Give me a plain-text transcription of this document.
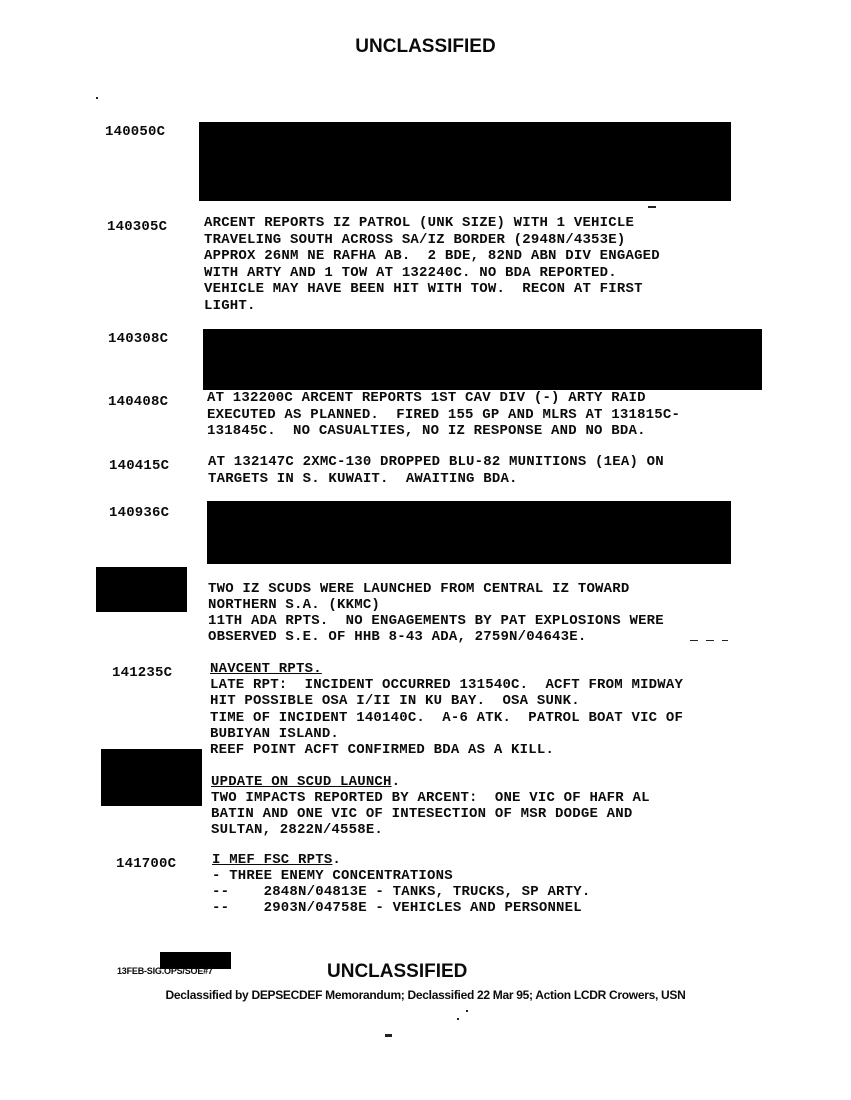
UNCLASSIFIED
140050C
140305C	ARCENT REPORTS IZ PATROL (UNK SIZE) WITH 1 VEHICLE
TRAVELING SOUTH ACROSS SA/IZ BORDER (2948N/4353E)
APPROX 26NM NE RAFHA AB.  2 BDE, 82ND ABN DIV ENGAGED
WITH ARTY AND 1 TOW AT 132240C. NO BDA REPORTED.
VEHICLE MAY HAVE BEEN HIT WITH TOW.  RECON AT FIRST
LIGHT.
140308C
140408C	AT 132200C ARCENT REPORTS 1ST CAV DIV (-) ARTY RAID
EXECUTED AS PLANNED.  FIRED 155 GP AND MLRS AT 131815C-
131845C.  NO CASUALTIES, NO IZ RESPONSE AND NO BDA.
140415C	AT 132147C 2XMC-130 DROPPED BLU-82 MUNITIONS (1EA) ON
TARGETS IN S. KUWAIT.  AWAITING BDA.
140936C
TWO IZ SCUDS WERE LAUNCHED FROM CENTRAL IZ TOWARD
NORTHERN S.A. (KKMC)
11TH ADA RPTS.  NO ENGAGEMENTS BY PAT EXPLOSIONS WERE
OBSERVED S.E. OF HHB 8-43 ADA, 2759N/04643E.
141235C	NAVCENT RPTS.
LATE RPT:  INCIDENT OCCURRED 131540C.  ACFT FROM MIDWAY
HIT POSSIBLE OSA I/II IN KU BAY.  OSA SUNK.
TIME OF INCIDENT 140140C.  A-6 ATK.  PATROL BOAT VIC OF
BUBIYAN ISLAND.
REEF POINT ACFT CONFIRMED BDA AS A KILL.
UPDATE ON SCUD LAUNCH.
TWO IMPACTS REPORTED BY ARCENT:  ONE VIC OF HAFR AL
BATIN AND ONE VIC OF INTESECTION OF MSR DODGE AND
SULTAN, 2822N/4558E.
141700C	I MEF FSC RPTS.
- THREE ENEMY CONCENTRATIONS
--    2848N/04813E - TANKS, TRUCKS, SP ARTY.
--    2903N/04758E - VEHICLES AND PERSONNEL
13FEB-SIG.OPS/SOE#7	UNCLASSIFIED
Declassified by DEPSECDEF Memorandum; Declassified 22 Mar 95; Action LCDR Crowers, USN
